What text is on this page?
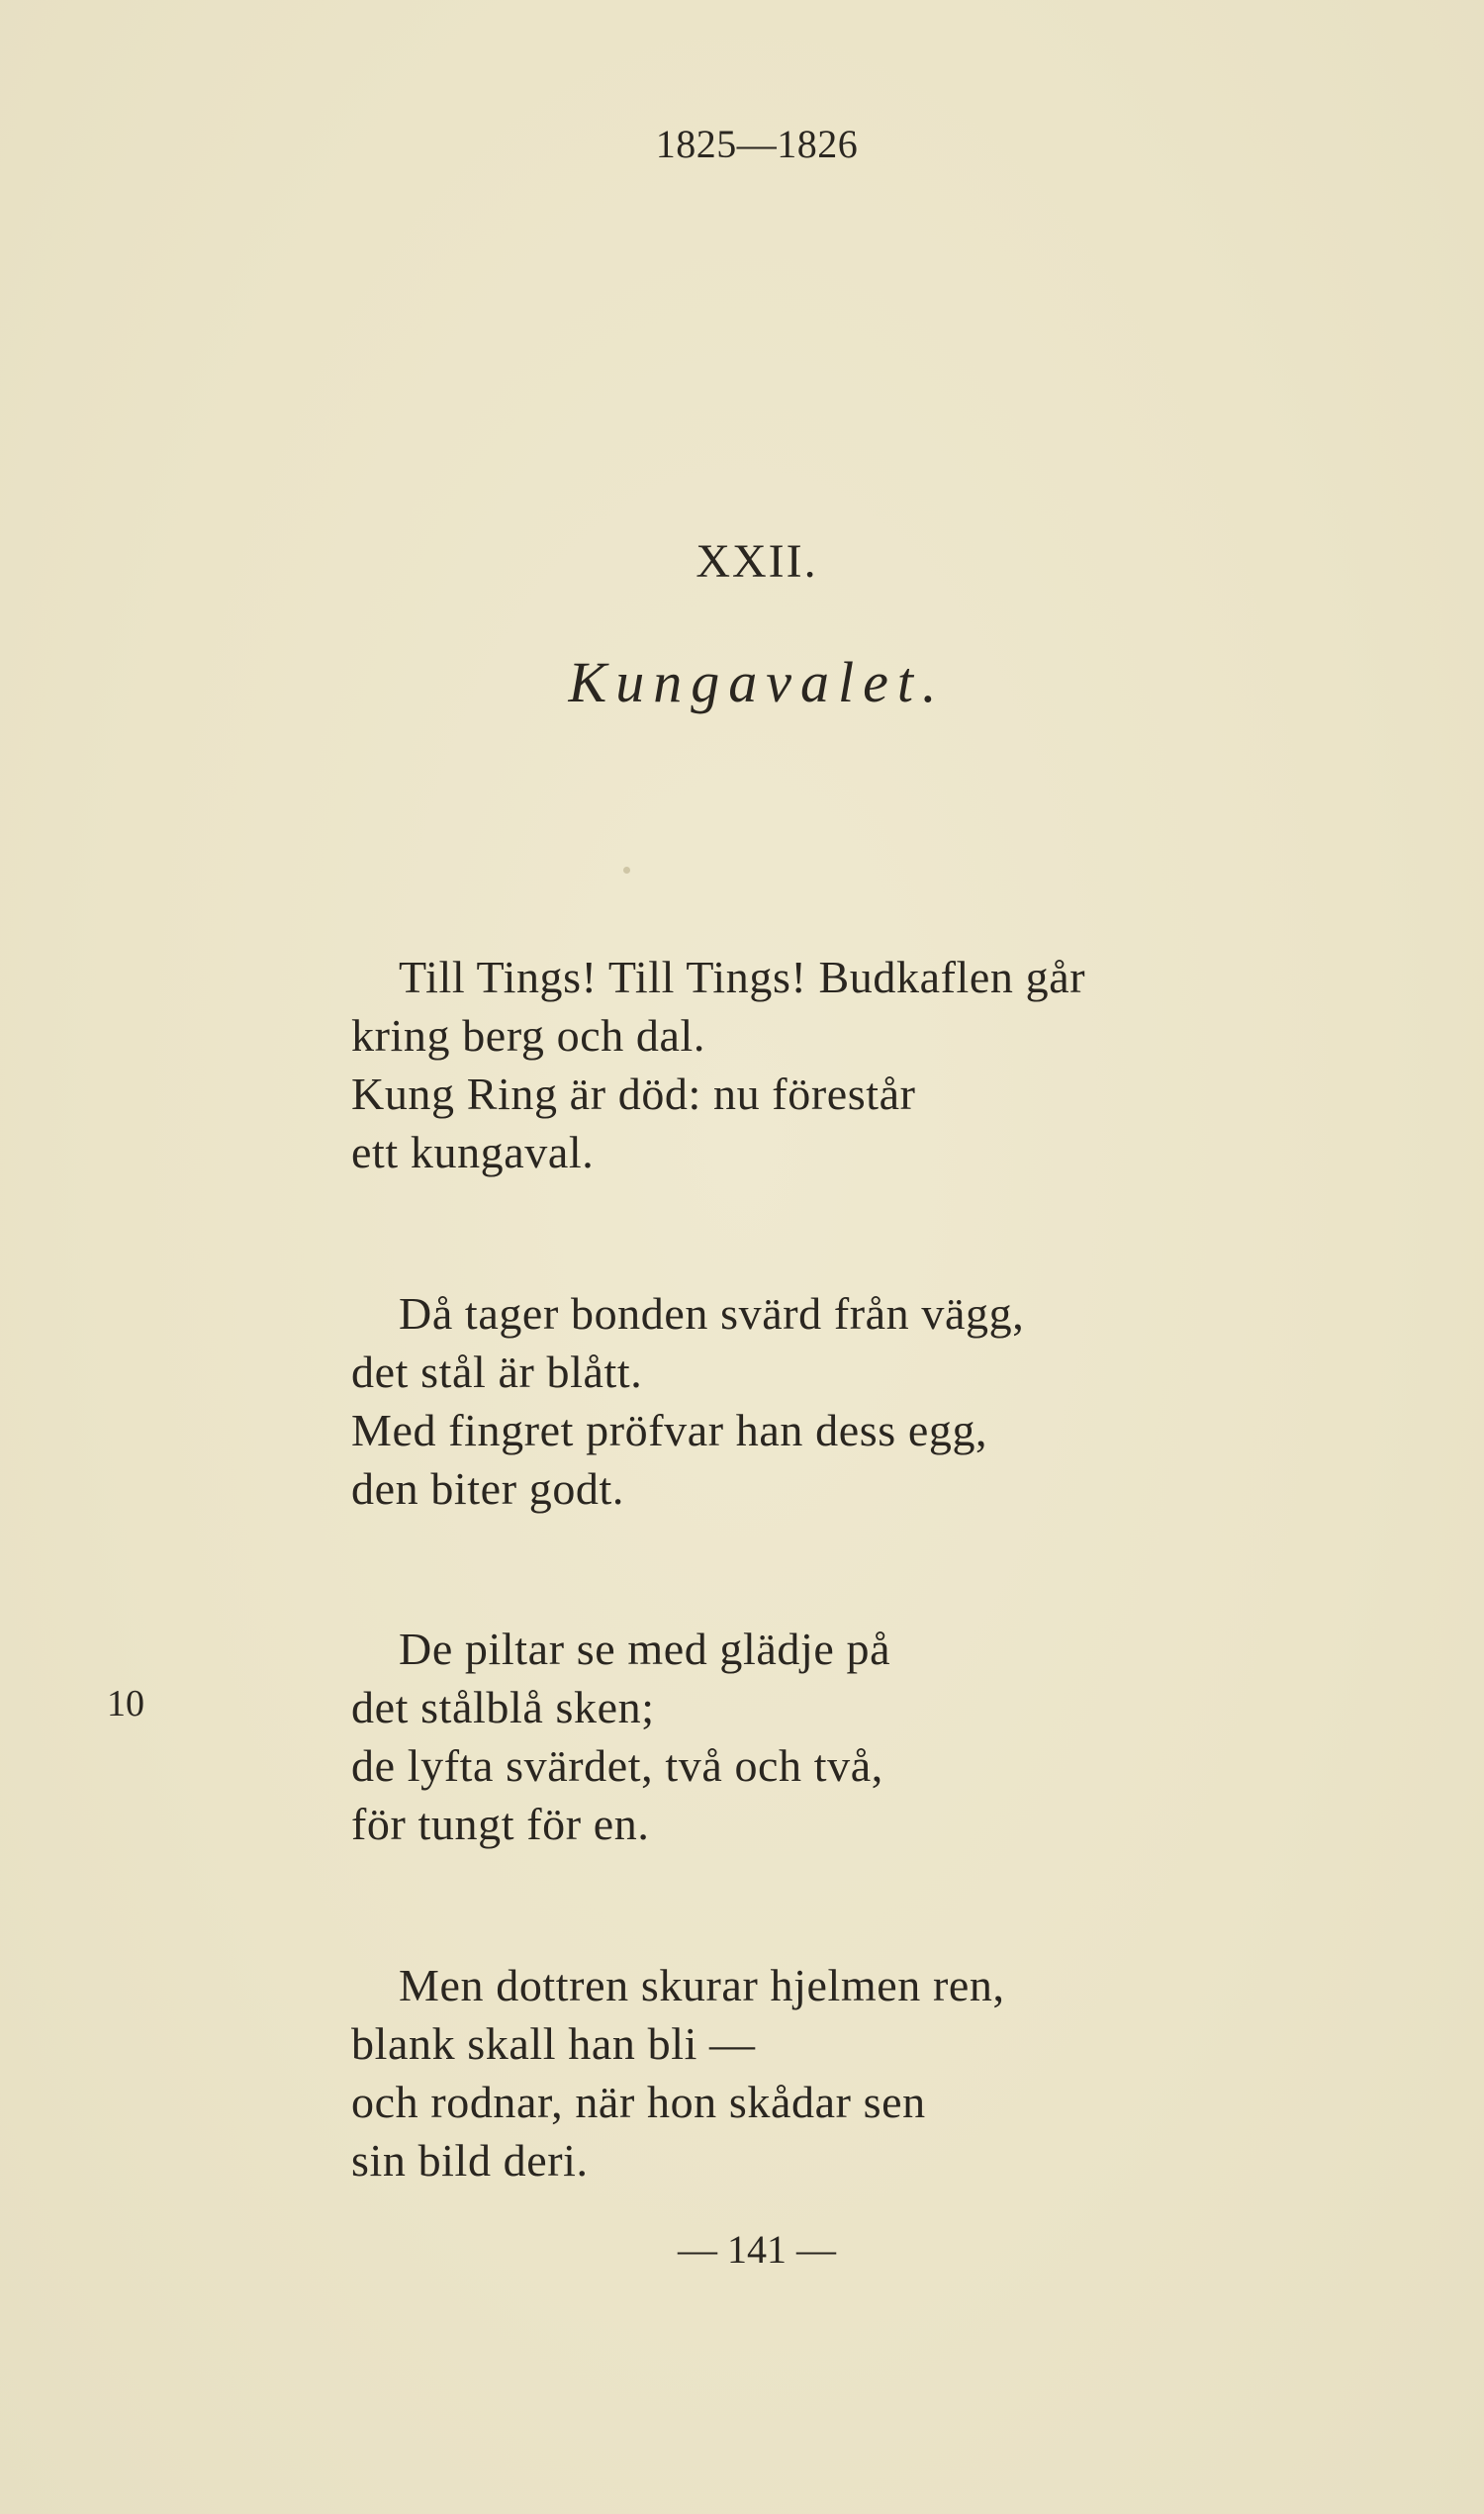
1825—1826
XXII.
Kungavalet.
Till Tings! Till Tings! Budkaflen går
kring berg och dal.
Kung Ring är död: nu förestår
ett kungaval.
Då tager bonden svärd från vägg,
det stål är blått.
Med fingret pröfvar han dess egg,
den biter godt.
10
De piltar se med glädje på
det stålblå sken;
de lyfta svärdet, två och två,
för tungt för en.
Men dottren skurar hjelmen ren,
blank skall han bli —
och rodnar, när hon skådar sen
sin bild deri.
— 141 —
